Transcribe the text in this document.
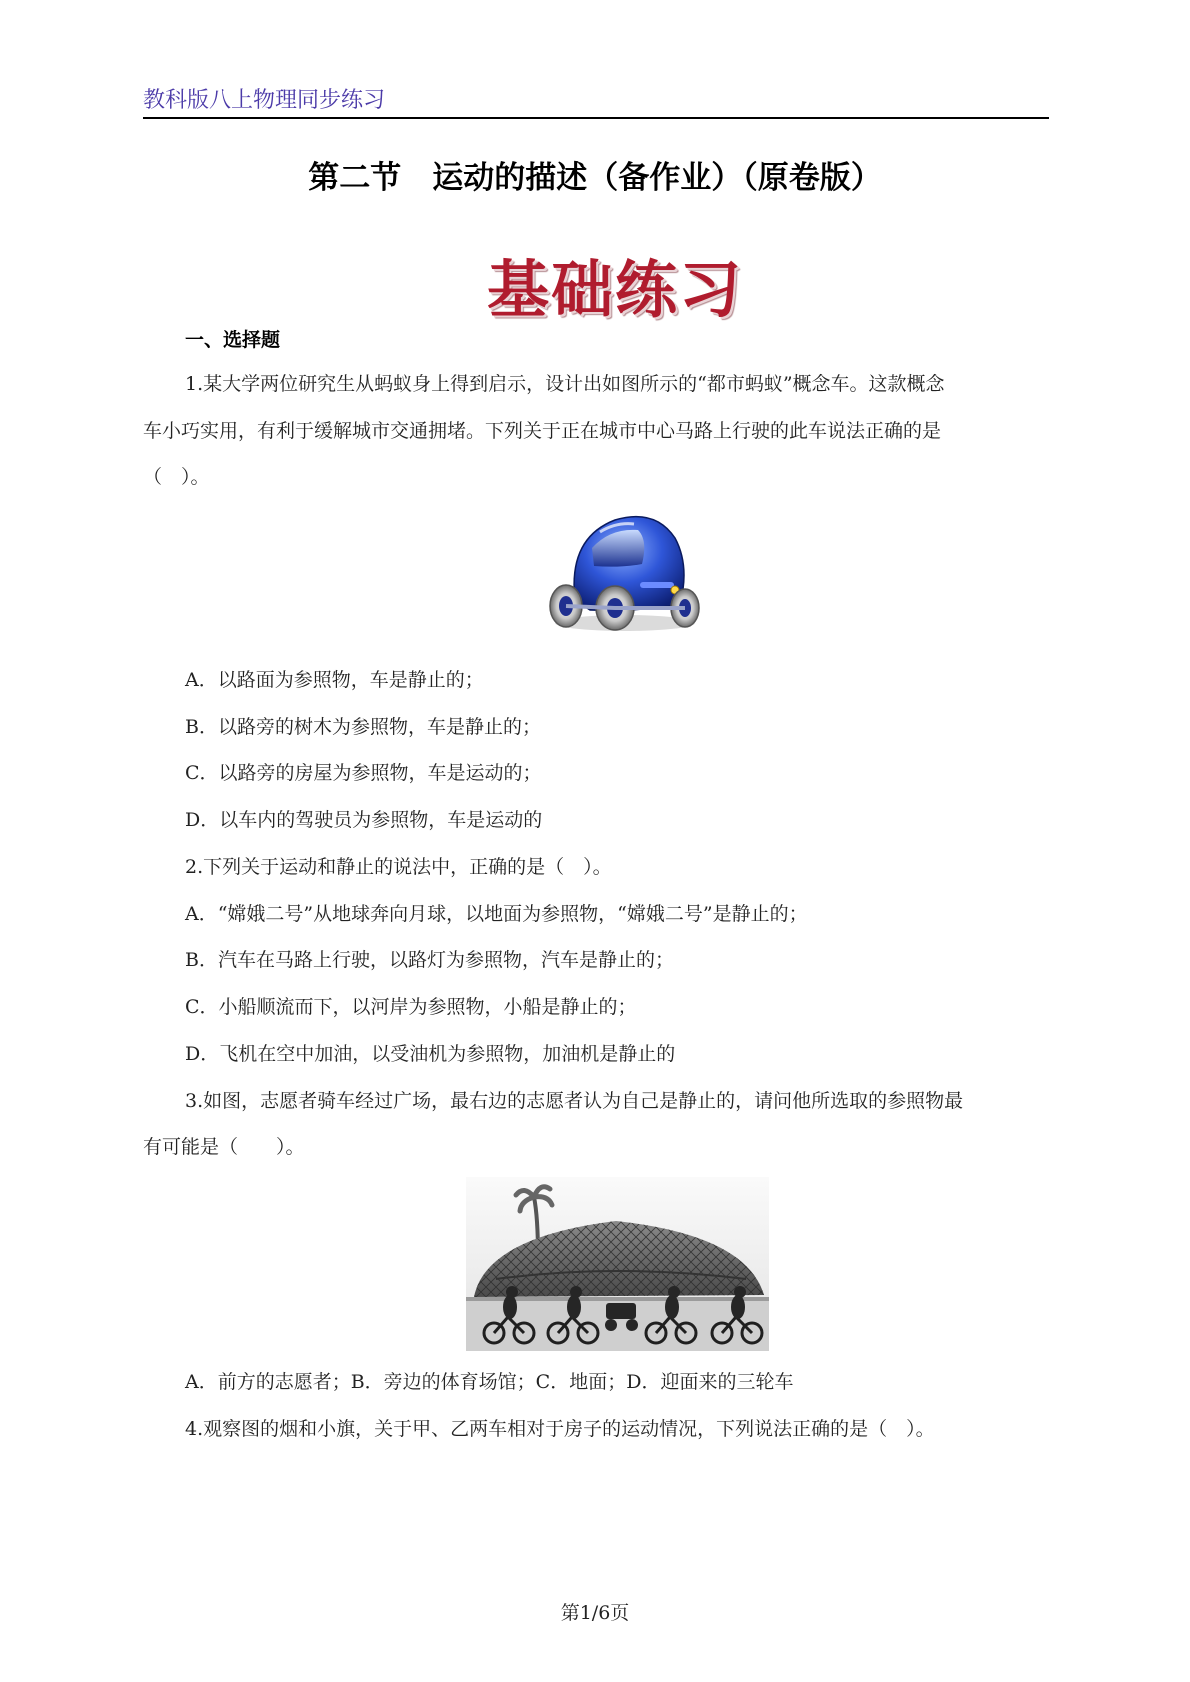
教科版八上物理同步练习
第二节　运动的描述（备作业）（原卷版）
基础练习
一、选择题
1.某大学两位研究生从蚂蚁身上得到启示，设计出如图所示的“都市蚂蚁”概念车。这款概念
车小巧实用，有利于缓解城市交通拥堵。下列关于正在城市中心马路上行驶的此车说法正确的是
（　）。
A．以路面为参照物，车是静止的；
B．以路旁的树木为参照物，车是静止的；
C．以路旁的房屋为参照物，车是运动的；
D．以车内的驾驶员为参照物，车是运动的
2.下列关于运动和静止的说法中，正确的是（　）。
A．“嫦娥二号”从地球奔向月球，以地面为参照物，“嫦娥二号”是静止的；
B．汽车在马路上行驶，以路灯为参照物，汽车是静止的；
C．小船顺流而下，以河岸为参照物，小船是静止的；
D．飞机在空中加油，以受油机为参照物，加油机是静止的
3.如图，志愿者骑车经过广场，最右边的志愿者认为自己是静止的，请问他所选取的参照物最
有可能是（　　）。
A．前方的志愿者；B．旁边的体育场馆；C．地面；D．迎面来的三轮车
4.观察图的烟和小旗，关于甲、乙两车相对于房子的运动情况，下列说法正确的是（　）。
第1/6页
